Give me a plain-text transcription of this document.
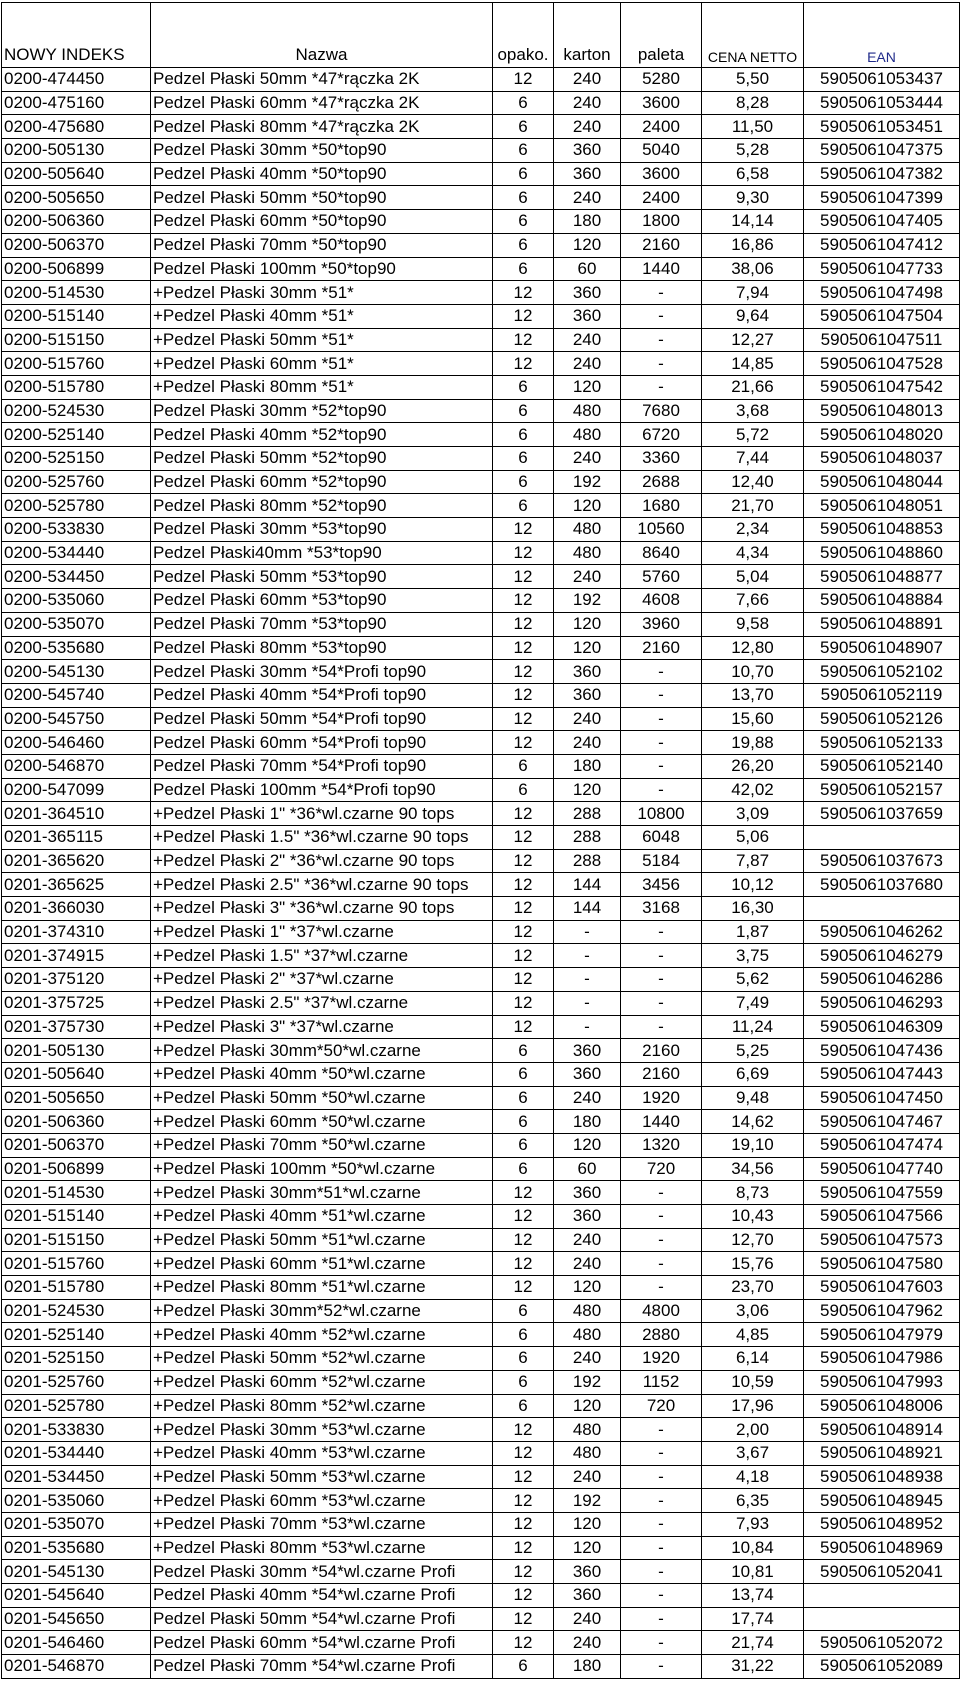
NOWY INDEKS	Nazwa	opako.	karton	paleta	CENA NETTO	EAN
0200-474450	Pedzel Płaski 50mm *47*rączka 2K	12	240	5280	5,50	5905061053437
0200-475160	Pedzel Płaski 60mm *47*rączka 2K	6	240	3600	8,28	5905061053444
0200-475680	Pedzel Płaski 80mm *47*rączka 2K	6	240	2400	11,50	5905061053451
0200-505130	Pedzel Płaski 30mm *50*top90	6	360	5040	5,28	5905061047375
0200-505640	Pedzel Płaski 40mm *50*top90	6	360	3600	6,58	5905061047382
0200-505650	Pedzel Płaski 50mm *50*top90	6	240	2400	9,30	5905061047399
0200-506360	Pedzel Płaski 60mm *50*top90	6	180	1800	14,14	5905061047405
0200-506370	Pedzel Płaski 70mm *50*top90	6	120	2160	16,86	5905061047412
0200-506899	Pedzel Płaski 100mm *50*top90	6	60	1440	38,06	5905061047733
0200-514530	+Pedzel Płaski 30mm *51*	12	360	-	7,94	5905061047498
0200-515140	+Pedzel Płaski 40mm *51*	12	360	-	9,64	5905061047504
0200-515150	+Pedzel Płaski 50mm *51*	12	240	-	12,27	5905061047511
0200-515760	+Pedzel Płaski 60mm *51*	12	240	-	14,85	5905061047528
0200-515780	+Pedzel Płaski 80mm *51*	6	120	-	21,66	5905061047542
0200-524530	Pedzel Płaski 30mm *52*top90	6	480	7680	3,68	5905061048013
0200-525140	Pedzel Płaski 40mm *52*top90	6	480	6720	5,72	5905061048020
0200-525150	Pedzel Płaski 50mm *52*top90	6	240	3360	7,44	5905061048037
0200-525760	Pedzel Płaski 60mm *52*top90	6	192	2688	12,40	5905061048044
0200-525780	Pedzel Płaski 80mm *52*top90	6	120	1680	21,70	5905061048051
0200-533830	Pedzel Płaski 30mm *53*top90	12	480	10560	2,34	5905061048853
0200-534440	Pedzel Płaski40mm *53*top90	12	480	8640	4,34	5905061048860
0200-534450	Pedzel Płaski 50mm *53*top90	12	240	5760	5,04	5905061048877
0200-535060	Pedzel Płaski 60mm *53*top90	12	192	4608	7,66	5905061048884
0200-535070	Pedzel Płaski 70mm *53*top90	12	120	3960	9,58	5905061048891
0200-535680	Pedzel Płaski 80mm *53*top90	12	120	2160	12,80	5905061048907
0200-545130	Pedzel Płaski 30mm *54*Profi top90	12	360	-	10,70	5905061052102
0200-545740	Pedzel Płaski 40mm *54*Profi top90	12	360	-	13,70	5905061052119
0200-545750	Pedzel Płaski 50mm *54*Profi top90	12	240	-	15,60	5905061052126
0200-546460	Pedzel Płaski 60mm *54*Profi top90	12	240	-	19,88	5905061052133
0200-546870	Pedzel Płaski 70mm *54*Profi top90	6	180	-	26,20	5905061052140
0200-547099	Pedzel Płaski 100mm *54*Profi top90	6	120	-	42,02	5905061052157
0201-364510	+Pedzel Płaski 1" *36*wl.czarne 90 tops	12	288	10800	3,09	5905061037659
0201-365115	+Pedzel Płaski 1.5" *36*wl.czarne 90 tops	12	288	6048	5,06	
0201-365620	+Pedzel Płaski 2" *36*wl.czarne 90 tops	12	288	5184	7,87	5905061037673
0201-365625	+Pedzel Płaski 2.5" *36*wl.czarne 90 tops	12	144	3456	10,12	5905061037680
0201-366030	+Pedzel Płaski 3" *36*wl.czarne 90 tops	12	144	3168	16,30	
0201-374310	+Pedzel Płaski 1" *37*wl.czarne	12	-	-	1,87	5905061046262
0201-374915	+Pedzel Płaski 1.5" *37*wl.czarne	12	-	-	3,75	5905061046279
0201-375120	+Pedzel Płaski 2" *37*wl.czarne	12	-	-	5,62	5905061046286
0201-375725	+Pedzel Płaski 2.5" *37*wl.czarne	12	-	-	7,49	5905061046293
0201-375730	+Pedzel Płaski 3" *37*wl.czarne	12	-	-	11,24	5905061046309
0201-505130	+Pedzel Płaski 30mm*50*wl.czarne	6	360	2160	5,25	5905061047436
0201-505640	+Pedzel Płaski 40mm *50*wl.czarne	6	360	2160	6,69	5905061047443
0201-505650	+Pedzel Płaski 50mm *50*wl.czarne	6	240	1920	9,48	5905061047450
0201-506360	+Pedzel Płaski 60mm *50*wl.czarne	6	180	1440	14,62	5905061047467
0201-506370	+Pedzel Płaski 70mm *50*wl.czarne	6	120	1320	19,10	5905061047474
0201-506899	+Pedzel Płaski 100mm *50*wl.czarne	6	60	720	34,56	5905061047740
0201-514530	+Pedzel Płaski 30mm*51*wl.czarne	12	360	-	8,73	5905061047559
0201-515140	+Pedzel Płaski 40mm *51*wl.czarne	12	360	-	10,43	5905061047566
0201-515150	+Pedzel Płaski 50mm *51*wl.czarne	12	240	-	12,70	5905061047573
0201-515760	+Pedzel Płaski 60mm *51*wl.czarne	12	240	-	15,76	5905061047580
0201-515780	+Pedzel Płaski 80mm *51*wl.czarne	12	120	-	23,70	5905061047603
0201-524530	+Pedzel Płaski 30mm*52*wl.czarne	6	480	4800	3,06	5905061047962
0201-525140	+Pedzel Płaski 40mm *52*wl.czarne	6	480	2880	4,85	5905061047979
0201-525150	+Pedzel Płaski 50mm *52*wl.czarne	6	240	1920	6,14	5905061047986
0201-525760	+Pedzel Płaski 60mm *52*wl.czarne	6	192	1152	10,59	5905061047993
0201-525780	+Pedzel Płaski 80mm *52*wl.czarne	6	120	720	17,96	5905061048006
0201-533830	+Pedzel Płaski 30mm *53*wl.czarne	12	480	-	2,00	5905061048914
0201-534440	+Pedzel Płaski 40mm *53*wl.czarne	12	480	-	3,67	5905061048921
0201-534450	+Pedzel Płaski 50mm *53*wl.czarne	12	240	-	4,18	5905061048938
0201-535060	+Pedzel Płaski 60mm *53*wl.czarne	12	192	-	6,35	5905061048945
0201-535070	+Pedzel Płaski 70mm *53*wl.czarne	12	120	-	7,93	5905061048952
0201-535680	+Pedzel Płaski 80mm *53*wl.czarne	12	120	-	10,84	5905061048969
0201-545130	Pedzel Płaski 30mm *54*wl.czarne Profi	12	360	-	10,81	5905061052041
0201-545640	Pedzel Płaski 40mm *54*wl.czarne Profi	12	360	-	13,74	
0201-545650	Pedzel Płaski 50mm *54*wl.czarne Profi	12	240	-	17,74	
0201-546460	Pedzel Płaski 60mm *54*wl.czarne Profi	12	240	-	21,74	5905061052072
0201-546870	Pedzel Płaski 70mm *54*wl.czarne Profi	6	180	-	31,22	5905061052089
